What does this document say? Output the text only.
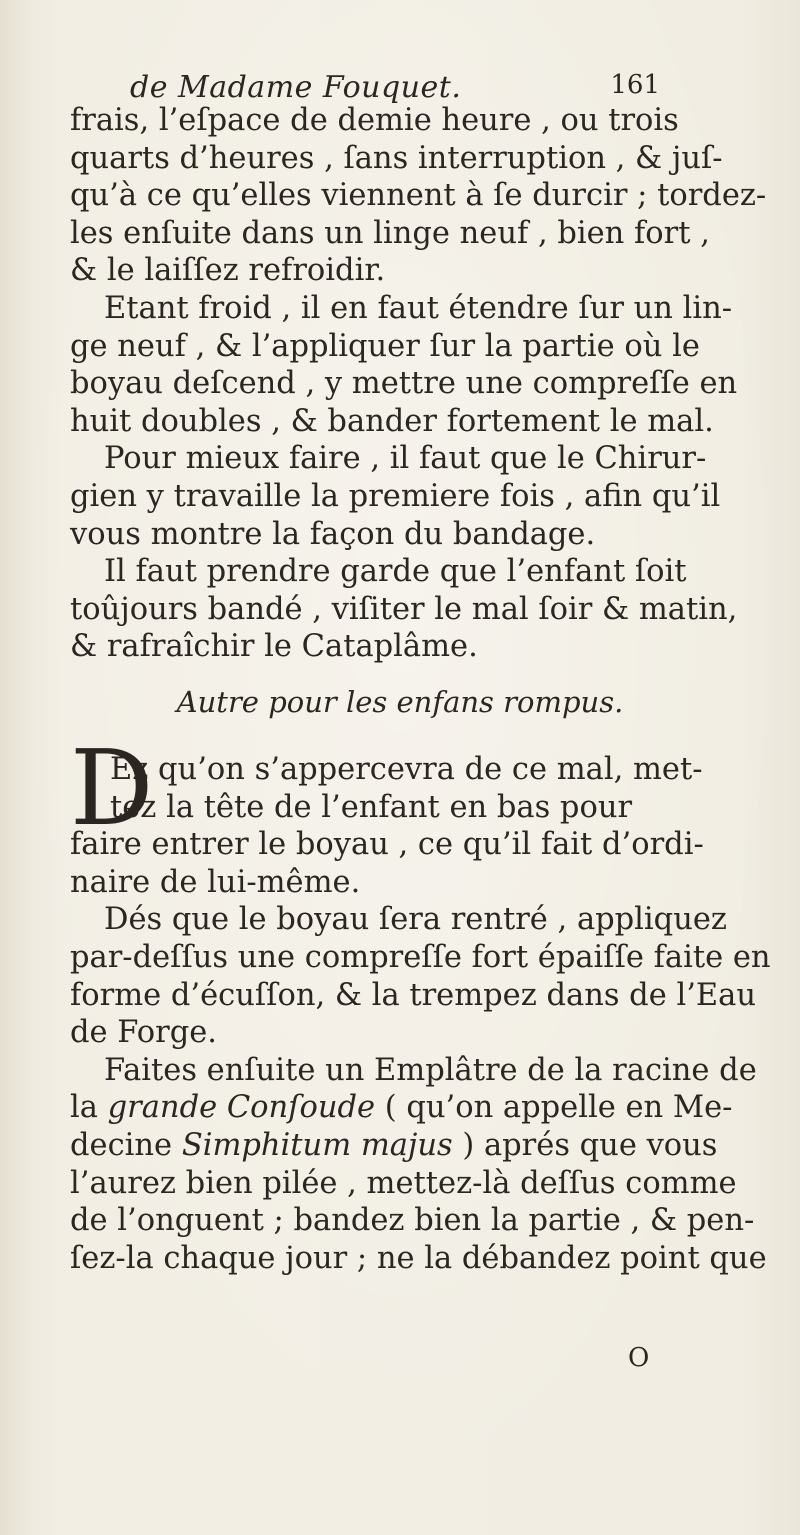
de Madame Fouquet.	161
frais, l’eſpace de demie heure , ou trois
quarts d’heures , ſans interruption , & juſ-
qu’à ce qu’elles viennent à ſe durcir ; tordez-
les enſuite dans un linge neuf , bien fort ,
& le laiſſez refroidir.
Etant froid , il en faut étendre ſur un lin-
ge neuf , & l’appliquer ſur la partie où le
boyau deſcend , y mettre une compreſſe en
huit doubles , & bander fortement le mal.
Pour mieux faire , il faut que le Chirur-
gien y travaille la premiere fois , afin qu’il
vous montre la façon du bandage.
Il faut prendre garde que l’enfant ſoit
toûjours bandé , viſiter le mal ſoir & matin,
& rafraîchir le Cataplâme.
Autre pour les enfans rompus.
D
Ez qu’on s’appercevra de ce mal, met-
tez la tête de l’enfant en bas pour
faire entrer le boyau , ce qu’il fait d’ordi-
naire de lui-même.
Dés que le boyau ſera rentré , appliquez
par-deſſus une compreſſe fort épaiſſe faite en
forme d’écuſſon, & la trempez dans de l’Eau
de Forge.
Faites enſuite un Emplâtre de la racine de
la grande Conſoude ( qu’on appelle en Me-
decine Simphitum majus ) aprés que vous
l’aurez bien pilée , mettez-là deſſus comme
de l’onguent ; bandez bien la partie , & pen-
ſez-la chaque jour ; ne la débandez point que
O
